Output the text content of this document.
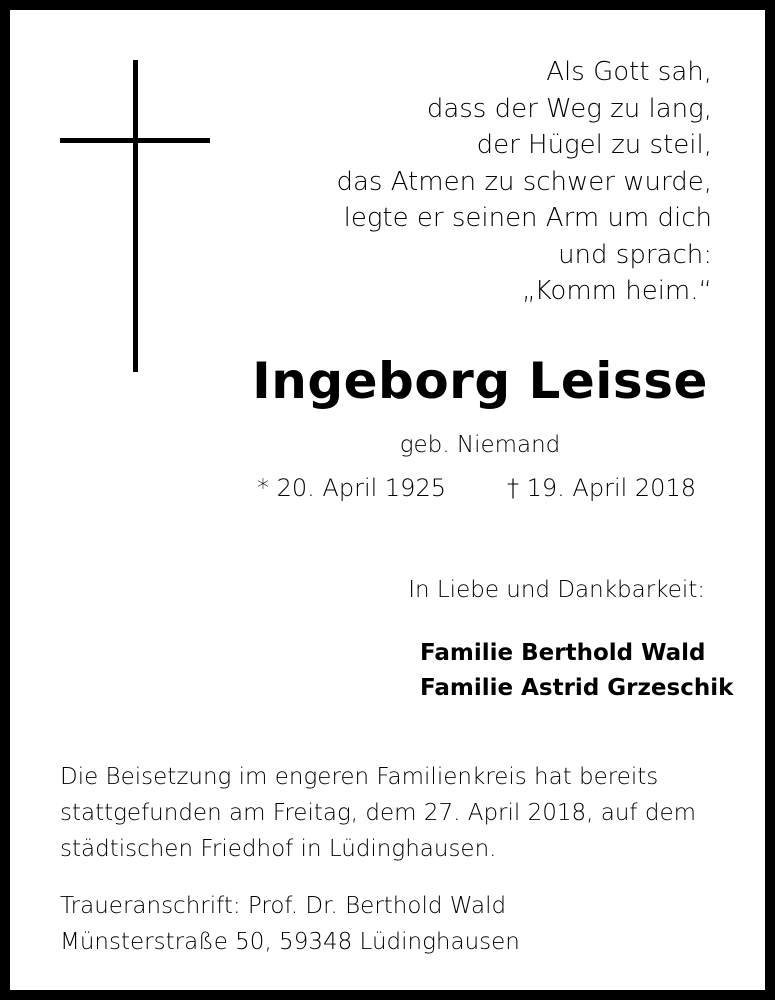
Als Gott sah,
dass der Weg zu lang,
der Hügel zu steil,
das Atmen zu schwer wurde,
legte er seinen Arm um dich
und sprach:
„Komm heim.“
Ingeborg Leisse
geb. Niemand
* 20. April 1925	† 19. April 2018
In Liebe und Dankbarkeit:
Familie Berthold Wald
Familie Astrid Grzeschik
Die Beisetzung im engeren Familienkreis hat bereits
stattgefunden am Freitag, dem 27. April 2018, auf dem
städtischen Friedhof in Lüdinghausen.
Traueranschrift: Prof. Dr. Berthold Wald
Münsterstraße 50, 59348 Lüdinghausen
